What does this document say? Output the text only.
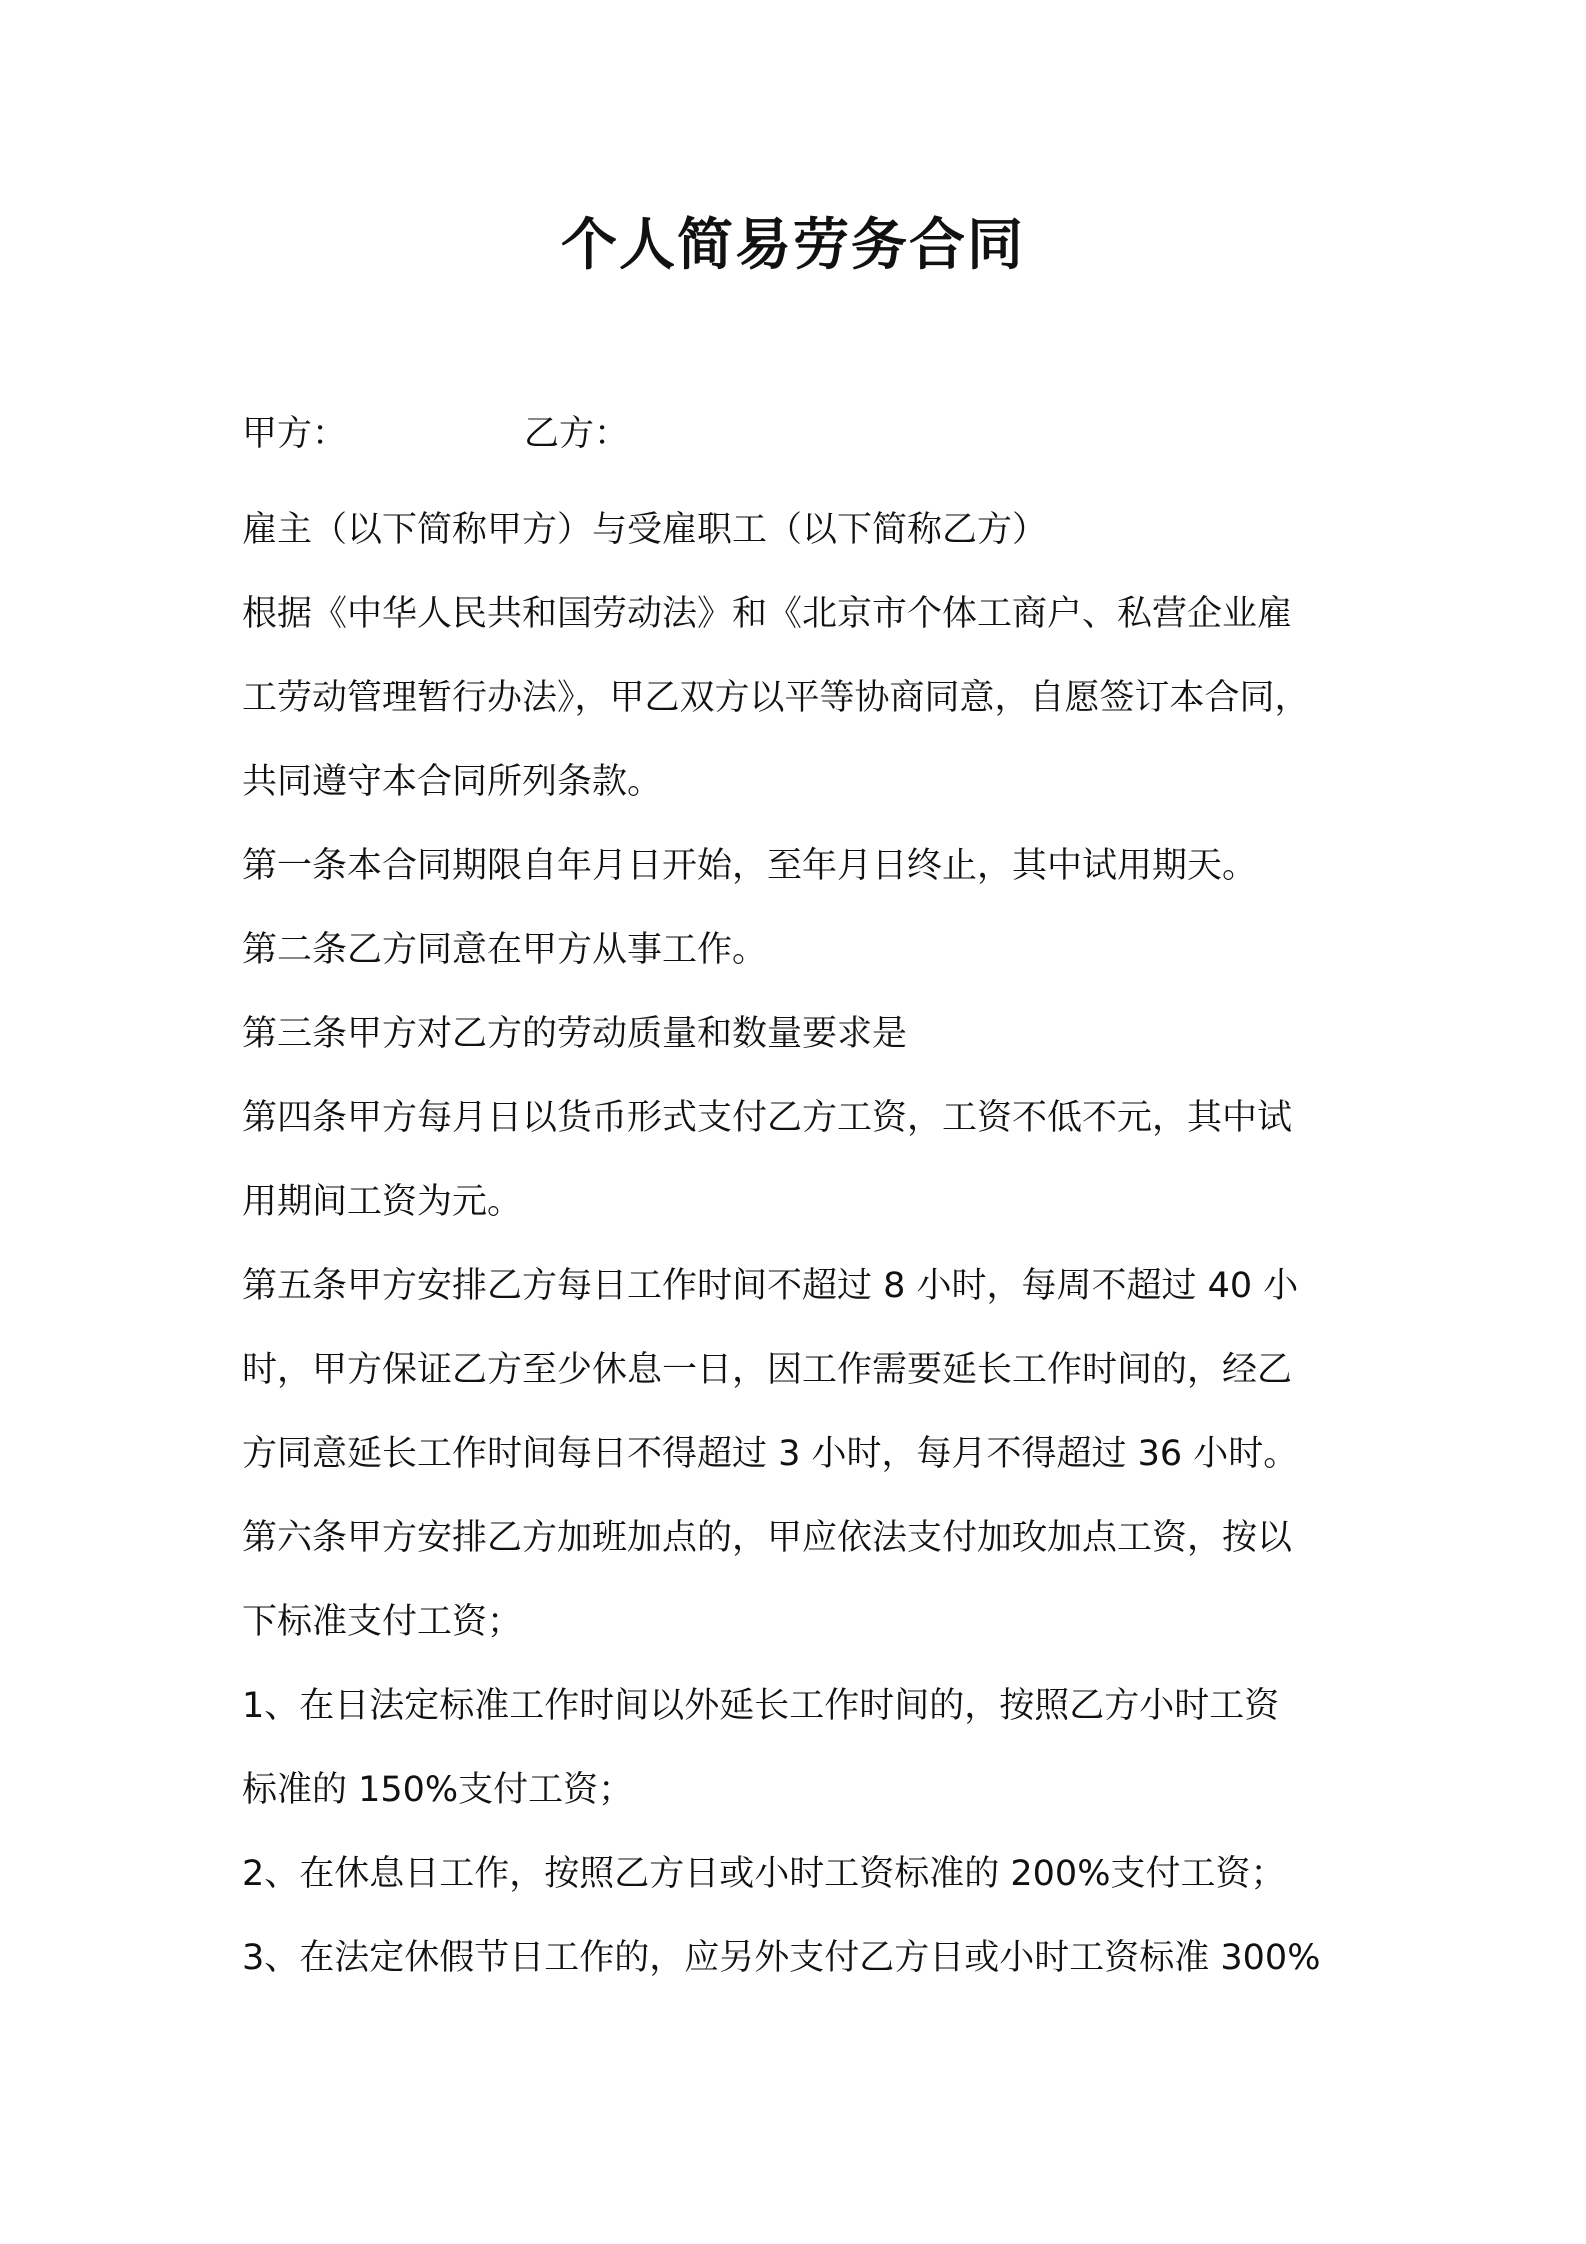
个人简易劳务合同
甲方：	乙方：
雇主（以下简称甲方）与受雇职工（以下简称乙方）
根据《中华人民共和国劳动法》和《北京市个体工商户、私营企业雇
工劳动管理暂行办法》，甲乙双方以平等协商同意，自愿签订本合同，
共同遵守本合同所列条款。
第一条本合同期限自年月日开始，至年月日终止，其中试用期天。
第二条乙方同意在甲方从事工作。
第三条甲方对乙方的劳动质量和数量要求是
第四条甲方每月日以货币形式支付乙方工资，工资不低不元，其中试
用期间工资为元。
第五条甲方安排乙方每日工作时间不超过 8 小时，每周不超过 40 小
时，甲方保证乙方至少休息一日，因工作需要延长工作时间的，经乙
方同意延长工作时间每日不得超过 3 小时，每月不得超过 36 小时。
第六条甲方安排乙方加班加点的，甲应依法支付加玫加点工资，按以
下标准支付工资；
1、在日法定标准工作时间以外延长工作时间的，按照乙方小时工资
标准的 150%支付工资；
2、在休息日工作，按照乙方日或小时工资标准的 200%支付工资；
3、在法定休假节日工作的，应另外支付乙方日或小时工资标准 300%
